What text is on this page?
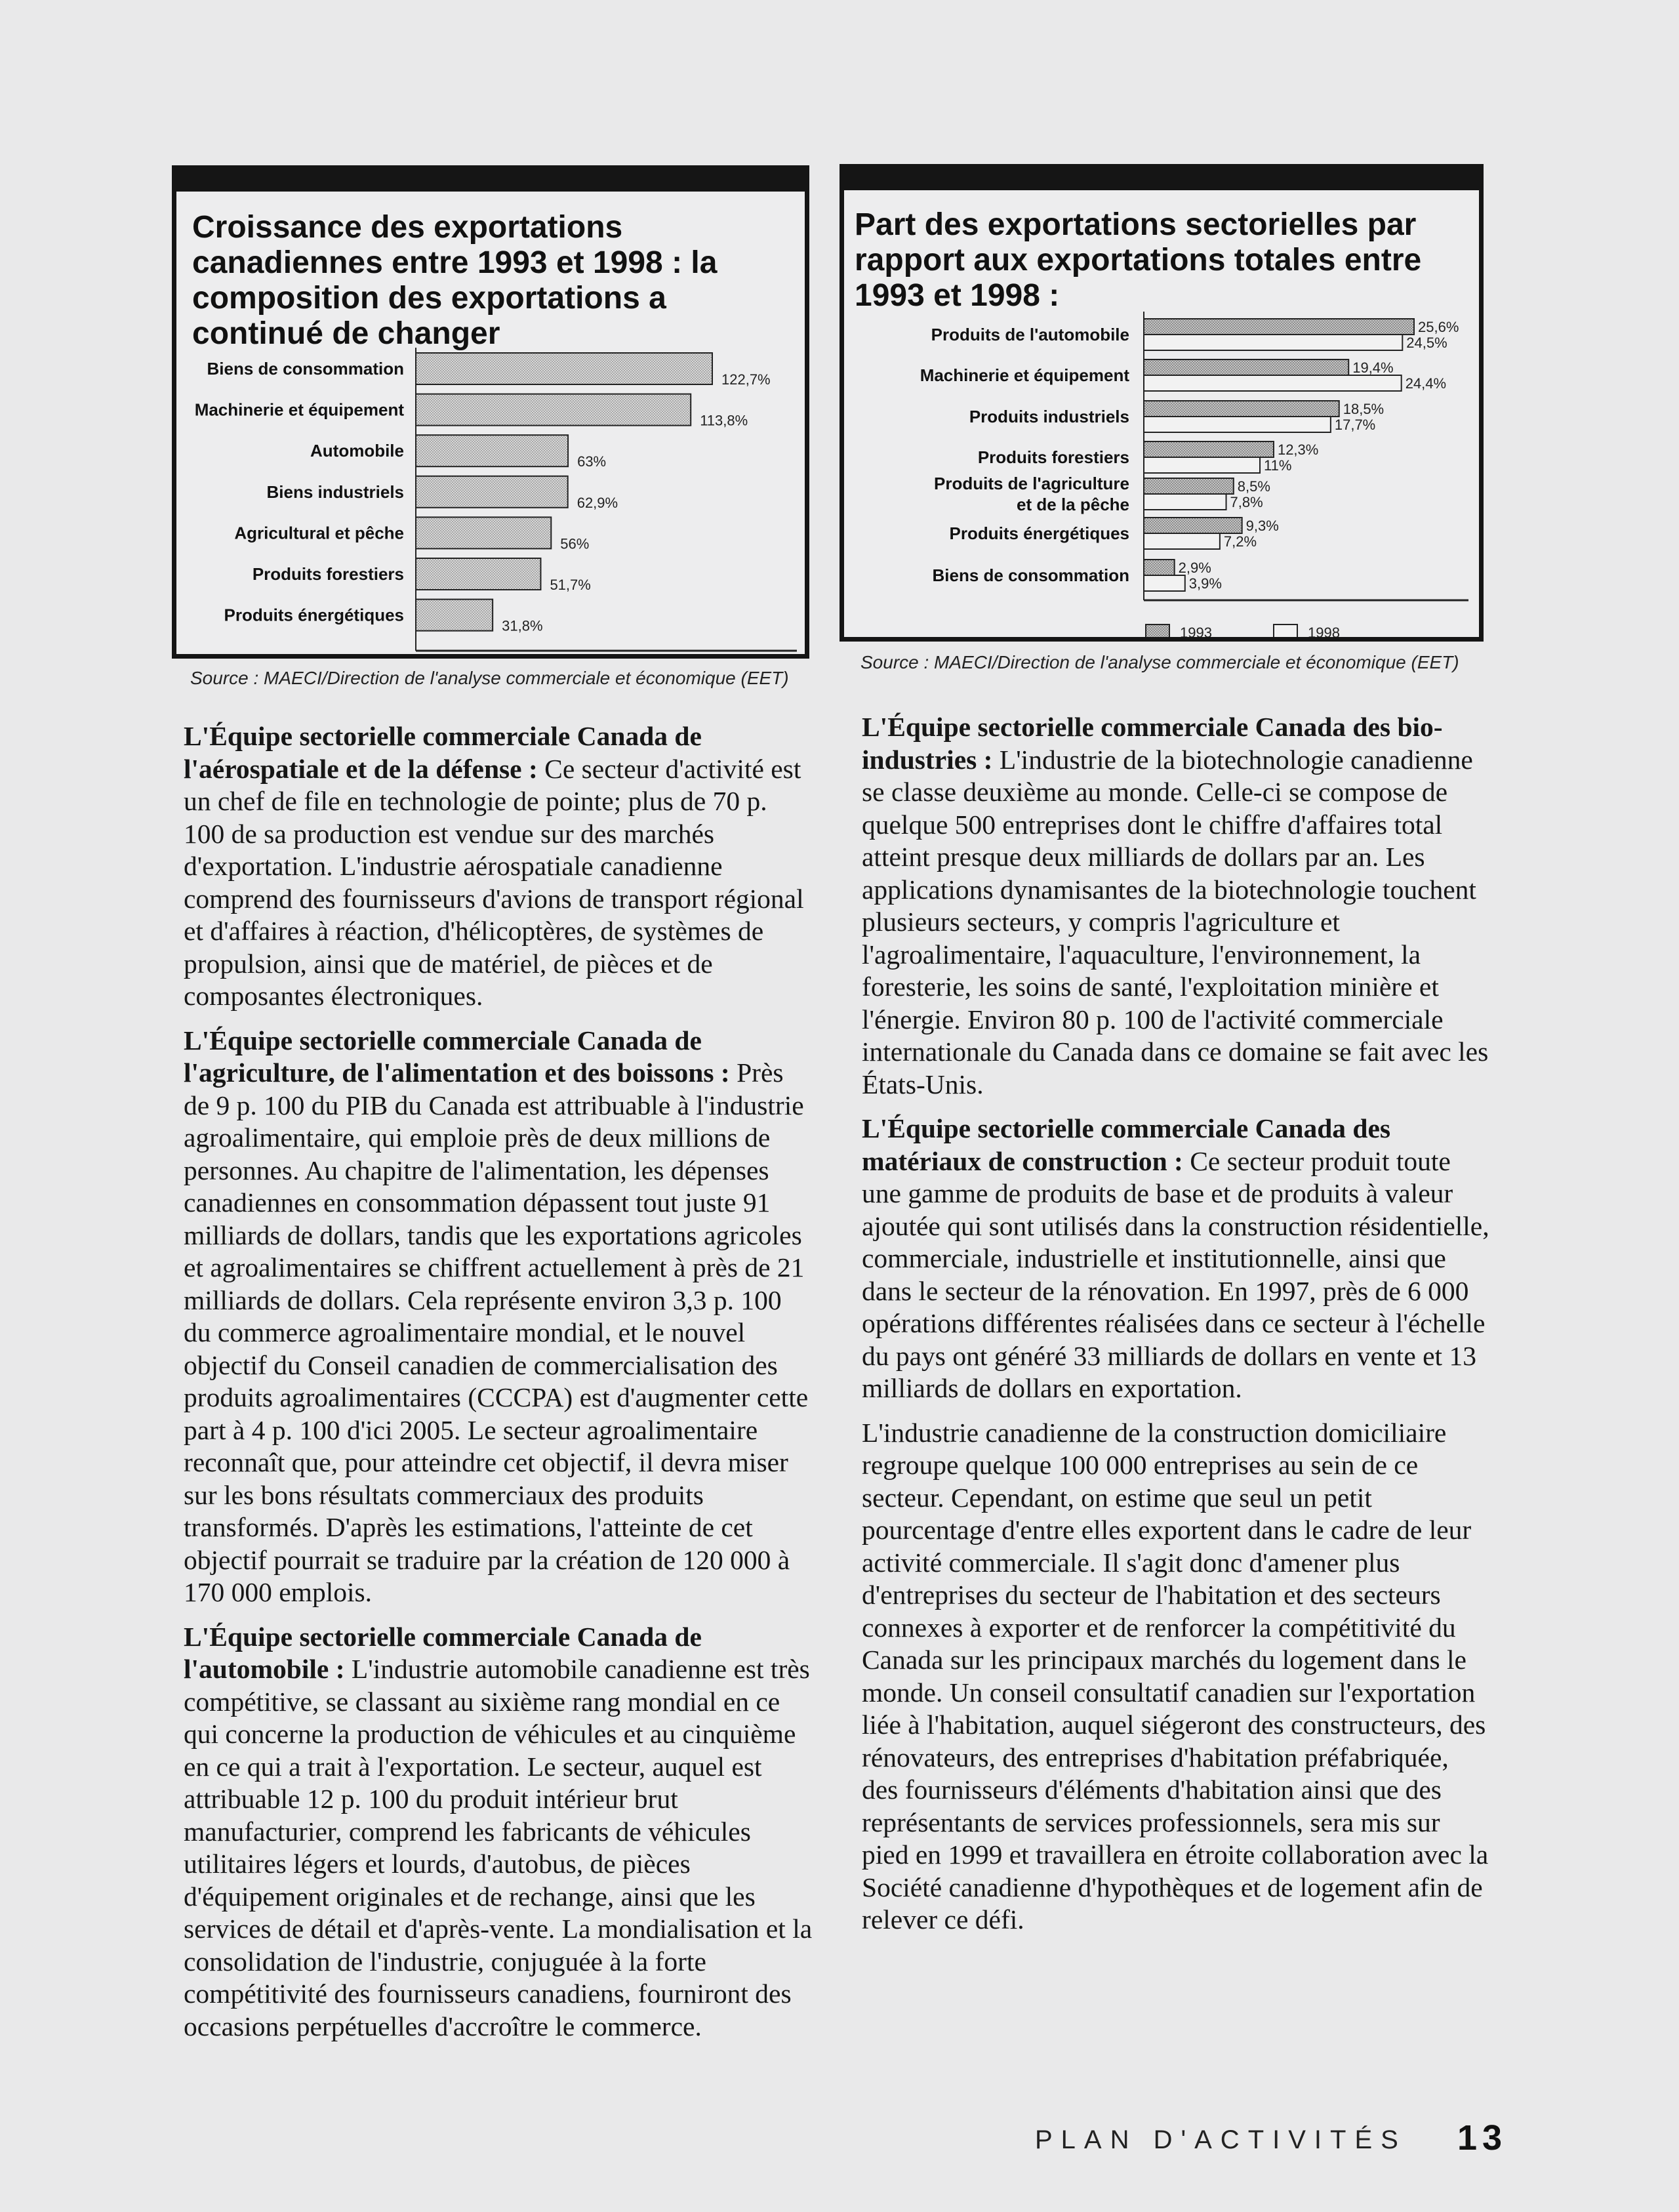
Croissance des exportations canadiennes entre 1993 et 1998 : la composition des exportations a continué de changer
Biens de consommation
122,7%
Machinerie et équipement
113,8%
Automobile
63%
Biens industriels
62,9%
Agricultural et pêche
56%
Produits forestiers
51,7%
Produits énergétiques
31,8%

Source : MAECI/Direction de l'analyse commerciale et économique (EET)

Part des exportations sectorielles par rapport aux exportations totales entre 1993 et 1998 :
Produits de l'automobile	25,6%
24,5%
Machinerie et équipement	19,4%
24,4%
Produits industriels	18,5%
17,7%
Produits forestiers	12,3%
11%
Produits de l'agriculture
et de la pêche
8,5%
7,8%
Produits énergétiques	9,3%
7,2%
Biens de consommation	2,9%
3,9%
1993	1998

Source : MAECI/Direction de l'analyse commerciale et économique (EET)

L'Équipe sectorielle commerciale Canada de l'aérospatiale et de la défense : Ce secteur d'activité est un chef de file en technologie de pointe; plus de 70 p. 100 de sa production est vendue sur des marchés d'exportation. L'industrie aérospatiale canadienne comprend des fournisseurs d'avions de transport régional et d'affaires à réaction, d'hélicoptères, de systèmes de propulsion, ainsi que de matériel, de pièces et de composantes électroniques.

L'Équipe sectorielle commerciale Canada de l'agriculture, de l'alimentation et des boissons : Près de 9 p. 100 du PIB du Canada est attribuable à l'industrie agroalimentaire, qui emploie près de deux millions de personnes. Au chapitre de l'alimentation, les dépenses canadiennes en consommation dépassent tout juste 91 milliards de dollars, tandis que les exportations agricoles et agroalimentaires se chiffrent actuellement à près de 21 milliards de dollars. Cela représente environ 3,3 p. 100 du commerce agroalimentaire mondial, et le nouvel objectif du Conseil canadien de commercialisation des produits agroalimentaires (CCCPA) est d'augmenter cette part à 4 p. 100 d'ici 2005. Le secteur agroalimentaire reconnaît que, pour atteindre cet objectif, il devra miser sur les bons résultats commerciaux des produits transformés. D'après les estimations, l'atteinte de cet objectif pourrait se traduire par la création de 120 000 à 170 000 emplois.

L'Équipe sectorielle commerciale Canada de l'automobile : L'industrie automobile canadienne est très compétitive, se classant au sixième rang mondial en ce qui concerne la production de véhicules et au cinquième en ce qui a trait à l'exportation. Le secteur, auquel est attribuable 12 p. 100 du produit intérieur brut manufacturier, comprend les fabricants de véhicules utilitaires légers et lourds, d'autobus, de pièces d'équipement originales et de rechange, ainsi que les services de détail et d'après-vente. La mondialisation et la consolidation de l'industrie, conjuguée à la forte compétitivité des fournisseurs canadiens, fourniront des occasions perpétuelles d'accroître le commerce.

L'Équipe sectorielle commerciale Canada des bio-industries : L'industrie de la biotechnologie canadienne se classe deuxième au monde. Celle-ci se compose de quelque 500 entreprises dont le chiffre d'affaires total atteint presque deux milliards de dollars par an. Les applications dynamisantes de la biotechnologie touchent plusieurs secteurs, y compris l'agriculture et l'agroalimentaire, l'aquaculture, l'environnement, la foresterie, les soins de santé, l'exploitation minière et l'énergie. Environ 80 p. 100 de l'activité commerciale internationale du Canada dans ce domaine se fait avec les États-Unis.

L'Équipe sectorielle commerciale Canada des matériaux de construction : Ce secteur produit toute une gamme de produits de base et de produits à valeur ajoutée qui sont utilisés dans la construction résidentielle, commerciale, industrielle et institutionnelle, ainsi que dans le secteur de la rénovation. En 1997, près de 6 000 opérations différentes réalisées dans ce secteur à l'échelle du pays ont généré 33 milliards de dollars en vente et 13 milliards de dollars en exportation.

L'industrie canadienne de la construction domiciliaire regroupe quelque 100 000 entreprises au sein de ce secteur. Cependant, on estime que seul un petit pourcentage d'entre elles exportent dans le cadre de leur activité commerciale. Il s'agit donc d'amener plus d'entreprises du secteur de l'habitation et des secteurs connexes à exporter et de renforcer la compétitivité du Canada sur les principaux marchés du logement dans le monde. Un conseil consultatif canadien sur l'exportation liée à l'habitation, auquel siégeront des constructeurs, des rénovateurs, des entreprises d'habitation préfabriquée, des fournisseurs d'éléments d'habitation ainsi que des représentants de services professionnels, sera mis sur pied en 1999 et travaillera en étroite collaboration avec la Société canadienne d'hypothèques et de logement afin de relever ce défi.

PLAN D'ACTIVITÉS 13
